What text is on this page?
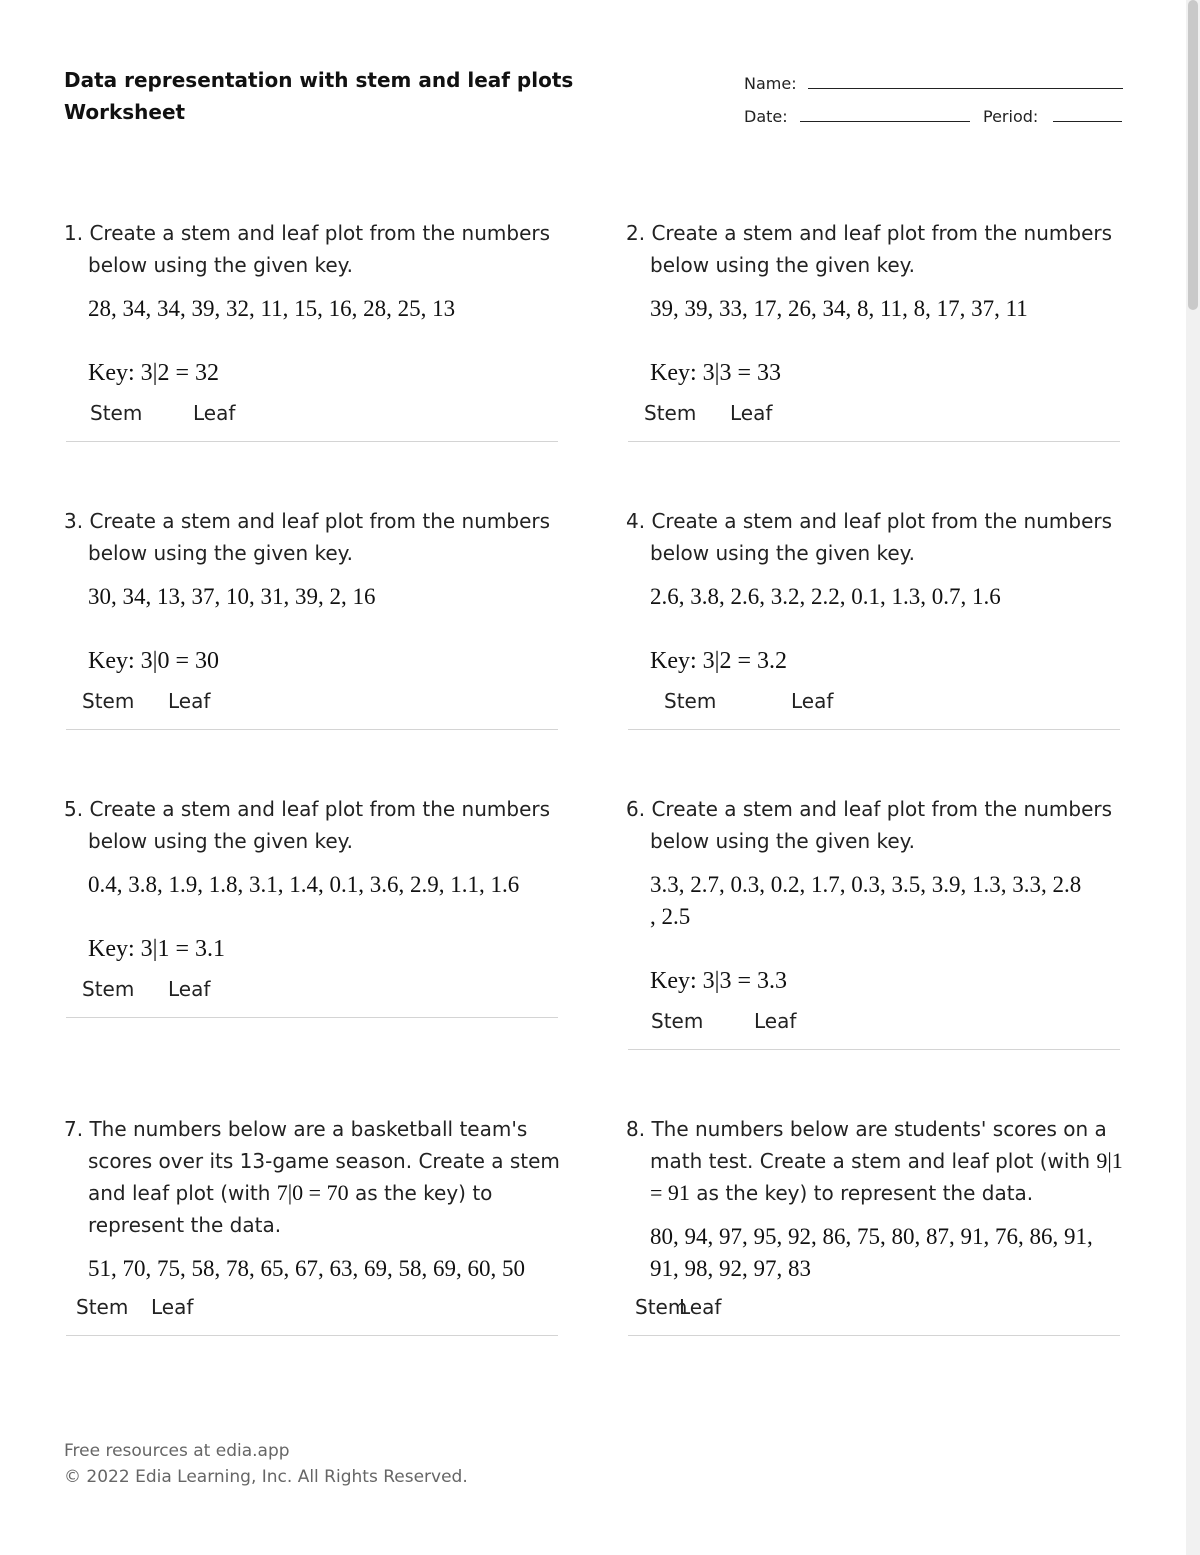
Data representation with stem and leaf plots
Worksheet
Name:
Date:	Period:
1. Create a stem and leaf plot from the numbers below using the given key.
28, 34, 34, 39, 32, 11, 15, 16, 28, 25, 13
Key: 3|2 = 32
Stem	Leaf
2. Create a stem and leaf plot from the numbers below using the given key.
39, 39, 33, 17, 26, 34, 8, 11, 8, 17, 37, 11
Key: 3|3 = 33
Stem Leaf
3. Create a stem and leaf plot from the numbers below using the given key.
30, 34, 13, 37, 10, 31, 39, 2, 16
Key: 3|0 = 30
Stem Leaf
4. Create a stem and leaf plot from the numbers below using the given key.
2.6, 3.8, 2.6, 3.2, 2.2, 0.1, 1.3, 0.7, 1.6
Key: 3|2 = 3.2
Stem	Leaf
5. Create a stem and leaf plot from the numbers below using the given key.
0.4, 3.8, 1.9, 1.8, 3.1, 1.4, 0.1, 3.6, 2.9, 1.1, 1.6
Key: 3|1 = 3.1
Stem Leaf
6. Create a stem and leaf plot from the numbers below using the given key.
3.3, 2.7, 0.3, 0.2, 1.7, 0.3, 3.5, 3.9, 1.3, 3.3, 2.8
, 2.5
Key: 3|3 = 3.3
Stem	Leaf
7. The numbers below are a basketball team's scores over its 13-game season. Create a stem and leaf plot (with 7|0 = 70 as the key) to represent the data.
51, 70, 75, 58, 78, 65, 67, 63, 69, 58, 69, 60, 50
Stem Leaf
8. The numbers below are students' scores on a math test. Create a stem and leaf plot (with 9|1 = 91 as the key) to represent the data.
80, 94, 97, 95, 92, 86, 75, 80, 87, 91, 76, 86, 91,
91, 98, 92, 97, 83
Stem
Leaf
Free resources at edia.app
© 2022 Edia Learning, Inc. All Rights Reserved.
